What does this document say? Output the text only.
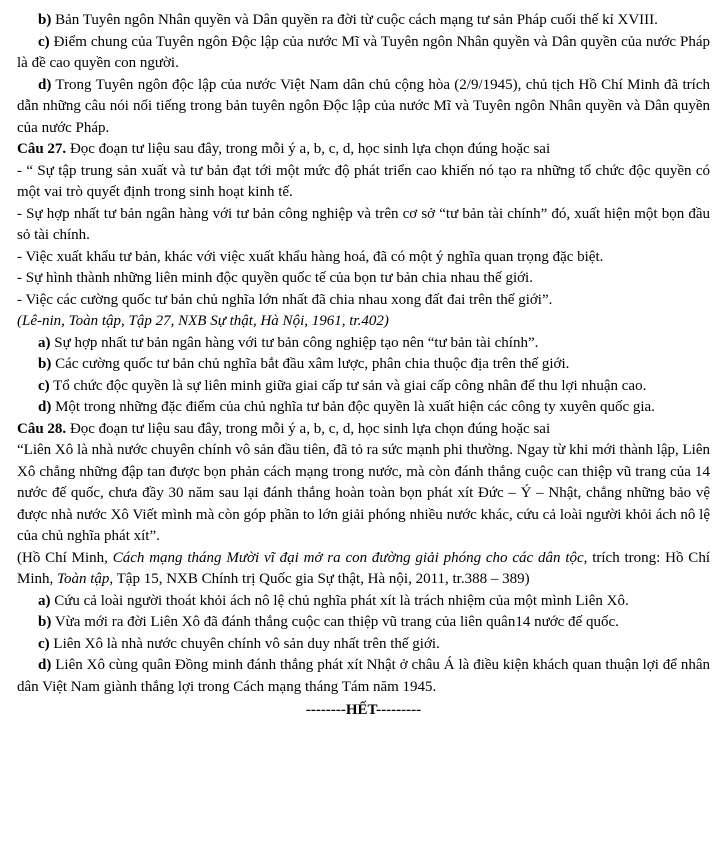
b) Bản Tuyên ngôn Nhân quyền và Dân quyền ra đời từ cuộc cách mạng tư sản Pháp cuối thế kỉ XVIII.

c) Điểm chung của Tuyên ngôn Độc lập của nước Mĩ và Tuyên ngôn Nhân quyền và Dân quyền của nước Pháp là đề cao quyền con người.

d) Trong Tuyên ngôn độc lập của nước Việt Nam dân chủ cộng hòa (2/9/1945), chủ tịch Hồ Chí Minh đã trích dẫn những câu nói nổi tiếng trong bản tuyên ngôn Độc lập của nước Mĩ và Tuyên ngôn Nhân quyền và Dân quyền của nước Pháp.

Câu 27. Đọc đoạn tư liệu sau đây, trong mỗi ý a, b, c, d, học sinh lựa chọn đúng hoặc sai

- “ Sự tập trung sản xuất và tư bản đạt tới một mức độ phát triển cao khiến nó tạo ra những tổ chức độc quyền có một vai trò quyết định trong sinh hoạt kinh tế.

- Sự hợp nhất tư bản ngân hàng với tư bản công nghiệp và trên cơ sở “tư bản tài chính” đó, xuất hiện một bọn đầu sỏ tài chính.

- Việc xuất khẩu tư bản, khác với việc xuất khẩu hàng hoá, đã có một ý nghĩa quan trọng đặc biệt.

- Sự hình thành những liên minh độc quyền quốc tế của bọn tư bản chia nhau thế giới.

- Việc các cường quốc tư bản chủ nghĩa lớn nhất đã chia nhau xong đất đai trên thế giới”.

(Lê-nin, Toàn tập, Tập 27, NXB Sự thật, Hà Nội, 1961, tr.402)

a) Sự hợp nhất tư bản ngân hàng với tư bản công nghiệp tạo nên “tư bản tài chính”.

b) Các cường quốc tư bản chủ nghĩa bắt đầu xâm lược, phân chia thuộc địa trên thế giới.

c) Tổ chức độc quyền là sự liên minh giữa giai cấp tư sản và giai cấp công nhân để thu lợi nhuận cao.

d) Một trong những đặc điểm của chủ nghĩa tư bản độc quyền là xuất hiện các công ty xuyên quốc gia.

Câu 28. Đọc đoạn tư liệu sau đây, trong mỗi ý a, b, c, d, học sinh lựa chọn đúng hoặc sai

“Liên Xô là nhà nước chuyên chính vô sản đầu tiên, đã tỏ ra sức mạnh phi thường. Ngay từ khi mới thành lập, Liên Xô chẳng những đập tan được bọn phản cách mạng trong nước, mà còn đánh thắng cuộc can thiệp vũ trang của 14 nước đế quốc, chưa đầy 30 năm sau lại đánh thắng hoàn toàn bọn phát xít Đức – Ý – Nhật, chẳng những bảo vệ được nhà nước Xô Viết mình mà còn góp phần to lớn giải phóng nhiều nước khác, cứu cả loài người khỏi ách nô lệ của chủ nghĩa phát xít”.

(Hồ Chí Minh, Cách mạng tháng Mười vĩ đại mở ra con đường giải phóng cho các dân tộc, trích trong: Hồ Chí Minh, Toàn tập, Tập 15, NXB Chính trị Quốc gia Sự thật, Hà nội, 2011, tr.388 – 389)

a) Cứu cả loài người thoát khỏi ách nô lệ chủ nghĩa phát xít là trách nhiệm của một mình Liên Xô.

b) Vừa mới ra đời Liên Xô đã đánh thắng cuộc can thiệp vũ trang của liên quân14 nước đế quốc.

c) Liên Xô là nhà nước chuyên chính vô sản duy nhất trên thế giới.

d) Liên Xô cùng quân Đồng minh đánh thắng phát xít Nhật ở châu Á là điều kiện khách quan thuận lợi để nhân dân Việt Nam giành thắng lợi trong Cách mạng tháng Tám năm 1945.

--------HẾT---------
